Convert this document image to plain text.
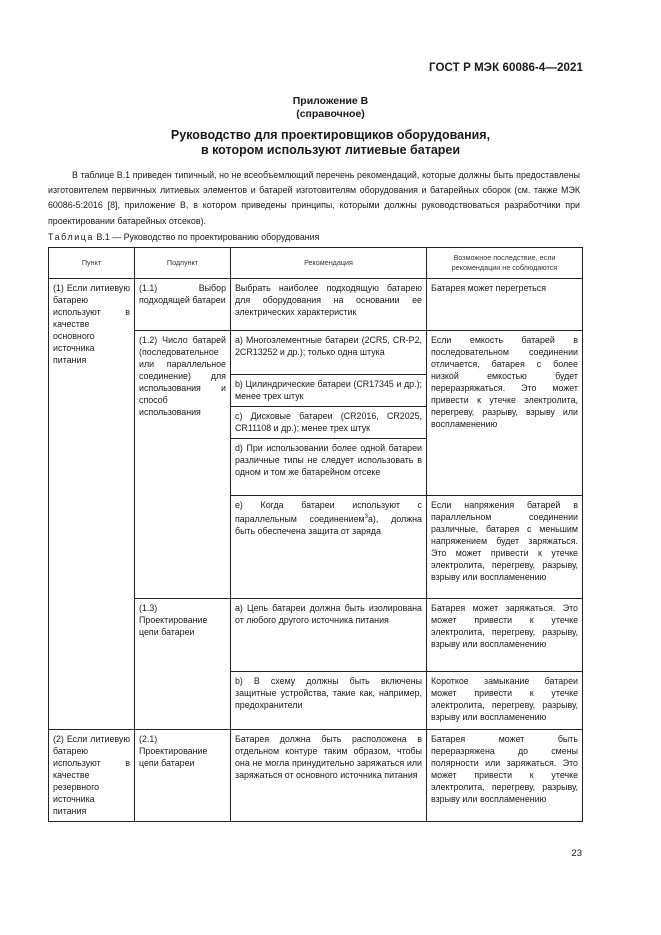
ГОСТ Р МЭК 60086-4—2021
Приложение В
(справочное)
Руководство для проектировщиков оборудования,
в котором используют литиевые батареи

В таблице В.1 приведен типичный, но не всеобъемлющий перечень рекомендаций, которые должны быть предоставлены изготовителем первичных литиевых элементов и батарей изготовителям оборудования и батарейных сборок (см. также МЭК 60086-5:2016 [8], приложение В, в котором приведены принципы, которыми должны руководствоваться разработчики при проектировании батарейных отсеков).

Таблица В.1 — Руководство по проектированию оборудования
Пункт	Подпункт	Рекомендация	Возможное последствие, если рекомендации не соблюдаются
(1) Если литиевую батарею используют в качестве основного источника питания	(1.1) Выбор подходящей батареи	Выбрать наиболее подходящую батарею для оборудования на основании ее электрических характеристик	Батарея может перегреться
	(1.2) Число батарей (последовательное или параллельное соединение) для использования и способ использования	a) Многоэлементные батареи (2CR5, CR-P2, 2CR13252 и др.); только одна штука	Если емкость батарей в последовательном соединении отличается, батарея с более низкой емкостью будет переразряжаться. Это может привести к утечке электролита, перегреву, разрыву, взрыву или воспламенению
		b) Цилиндрические батареи (CR17345 и др.); менее трех штук	
		c) Дисковые батареи (CR2016, CR2025, CR11108 и др.); менее трех штук	
		d) При использовании более одной батареи различные типы не следует использовать в одном и том же батарейном отсеке	
		e) Когда батареи используют с параллельным соединением$^3$a), должна быть обеспечена защита от заряда	Если напряжения батарей в параллельном соединении различные, батарея с меньшим напряжением будет заряжаться. Это может привести к утечке электролита, перегреву, разрыву, взрыву или воспламенению
	(1.3) Проектирование цепи батареи	a) Цепь батареи должна быть изолирована от любого другого источника питания	Батарея может заряжаться. Это может привести к утечке электролита, перегреву, разрыву, взрыву или воспламенению
		b) В схему должны быть включены защитные устройства, такие как, например, предохранители	Короткое замыкание батареи может привести к утечке электролита, перегреву, разрыву, взрыву или воспламенению
(2) Если литиевую батарею используют в качестве резервного источника питания	(2.1) Проектирование цепи батареи	Батарея должна быть расположена в отдельном контуре таким образом, чтобы она не могла принудительно заряжаться или заряжаться от основного источника питания	Батарея может быть переразряжена до смены полярности или заряжаться. Это может привести к утечке электролита, перегреву, разрыву, взрыву или воспламенению
23
